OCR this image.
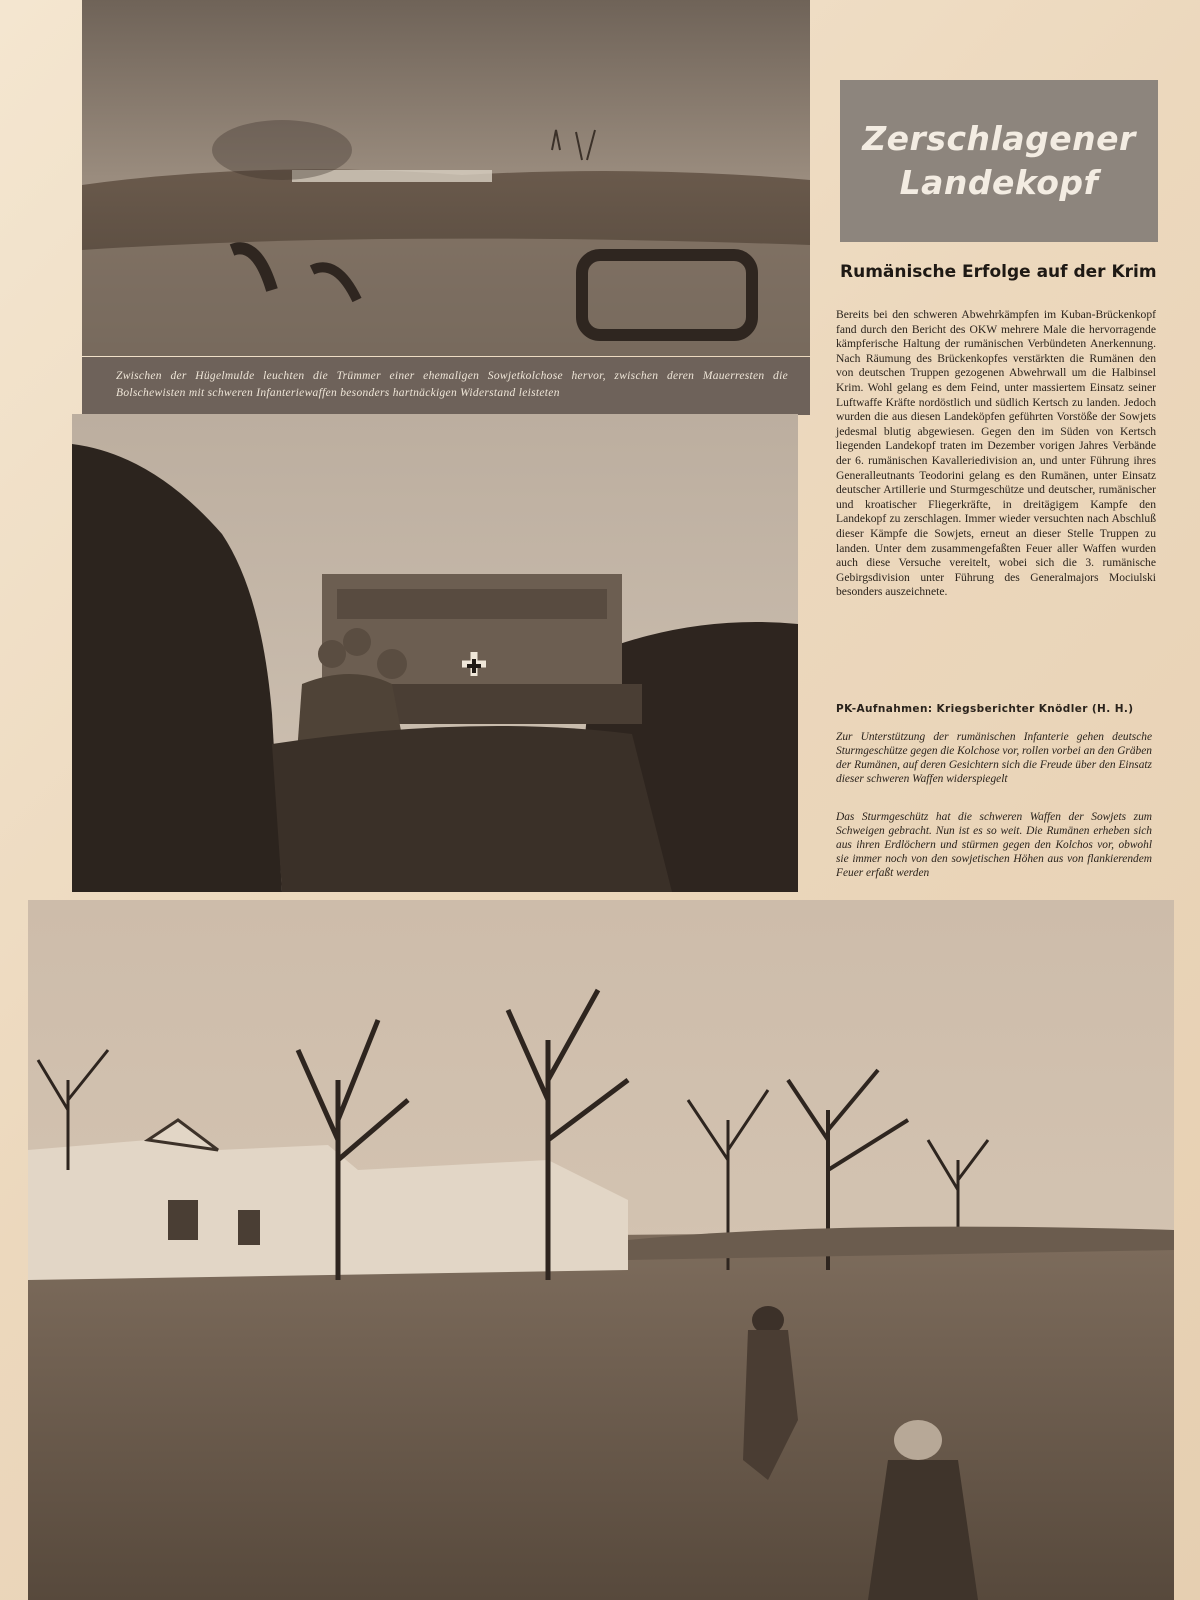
Zwischen der Hügelmulde leuchten die Trümmer einer ehemaligen Sowjetkolchose hervor, zwischen deren Mauerresten die Bolschewisten mit schweren Infanteriewaffen besonders hartnäckigen Widerstand leisteten
Zerschlagener
Landekopf
Rumänische Erfolge auf der Krim

Bereits bei den schweren Abwehrkämpfen im Kuban-Brückenkopf fand durch den Bericht des OKW mehrere Male die hervorragende kämpferische Haltung der rumänischen Verbündeten Anerkennung. Nach Räumung des Brückenkopfes verstärkten die Rumänen den von deutschen Truppen gezogenen Abwehrwall um die Halbinsel Krim. Wohl gelang es dem Feind, unter massiertem Einsatz seiner Luftwaffe Kräfte nordöstlich und südlich Kertsch zu landen. Jedoch wurden die aus diesen Landeköpfen geführten Vorstöße der Sowjets jedesmal blutig abgewiesen. Gegen den im Süden von Kertsch liegenden Landekopf traten im Dezember vorigen Jahres Verbände der 6. rumänischen Kavalleriedivision an, und unter Führung ihres Generalleutnants Teodorini gelang es den Rumänen, unter Einsatz deutscher Artillerie und Sturmgeschütze und deutscher, rumänischer und kroatischer Fliegerkräfte, in dreitägigem Kampfe den Landekopf zu zerschlagen. Immer wieder versuchten nach Abschluß dieser Kämpfe die Sowjets, erneut an dieser Stelle Truppen zu landen. Unter dem zusammengefaßten Feuer aller Waffen wurden auch diese Versuche vereitelt, wobei sich die 3. rumänische Gebirgsdivision unter Führung des Generalmajors Mociulski besonders auszeichnete.

PK-Aufnahmen: Kriegsberichter Knödler (H. H.)

Zur Unterstützung der rumänischen Infanterie gehen deutsche Sturmgeschütze gegen die Kolchose vor, rollen vorbei an den Gräben der Rumänen, auf deren Gesichtern sich die Freude über den Einsatz dieser schweren Waffen widerspiegelt

Das Sturmgeschütz hat die schweren Waffen der Sowjets zum Schweigen gebracht. Nun ist es so weit. Die Rumänen erheben sich aus ihren Erdlöchern und stürmen gegen den Kolchos vor, obwohl sie immer noch von den sowjetischen Höhen aus von flankierendem Feuer erfaßt werden
